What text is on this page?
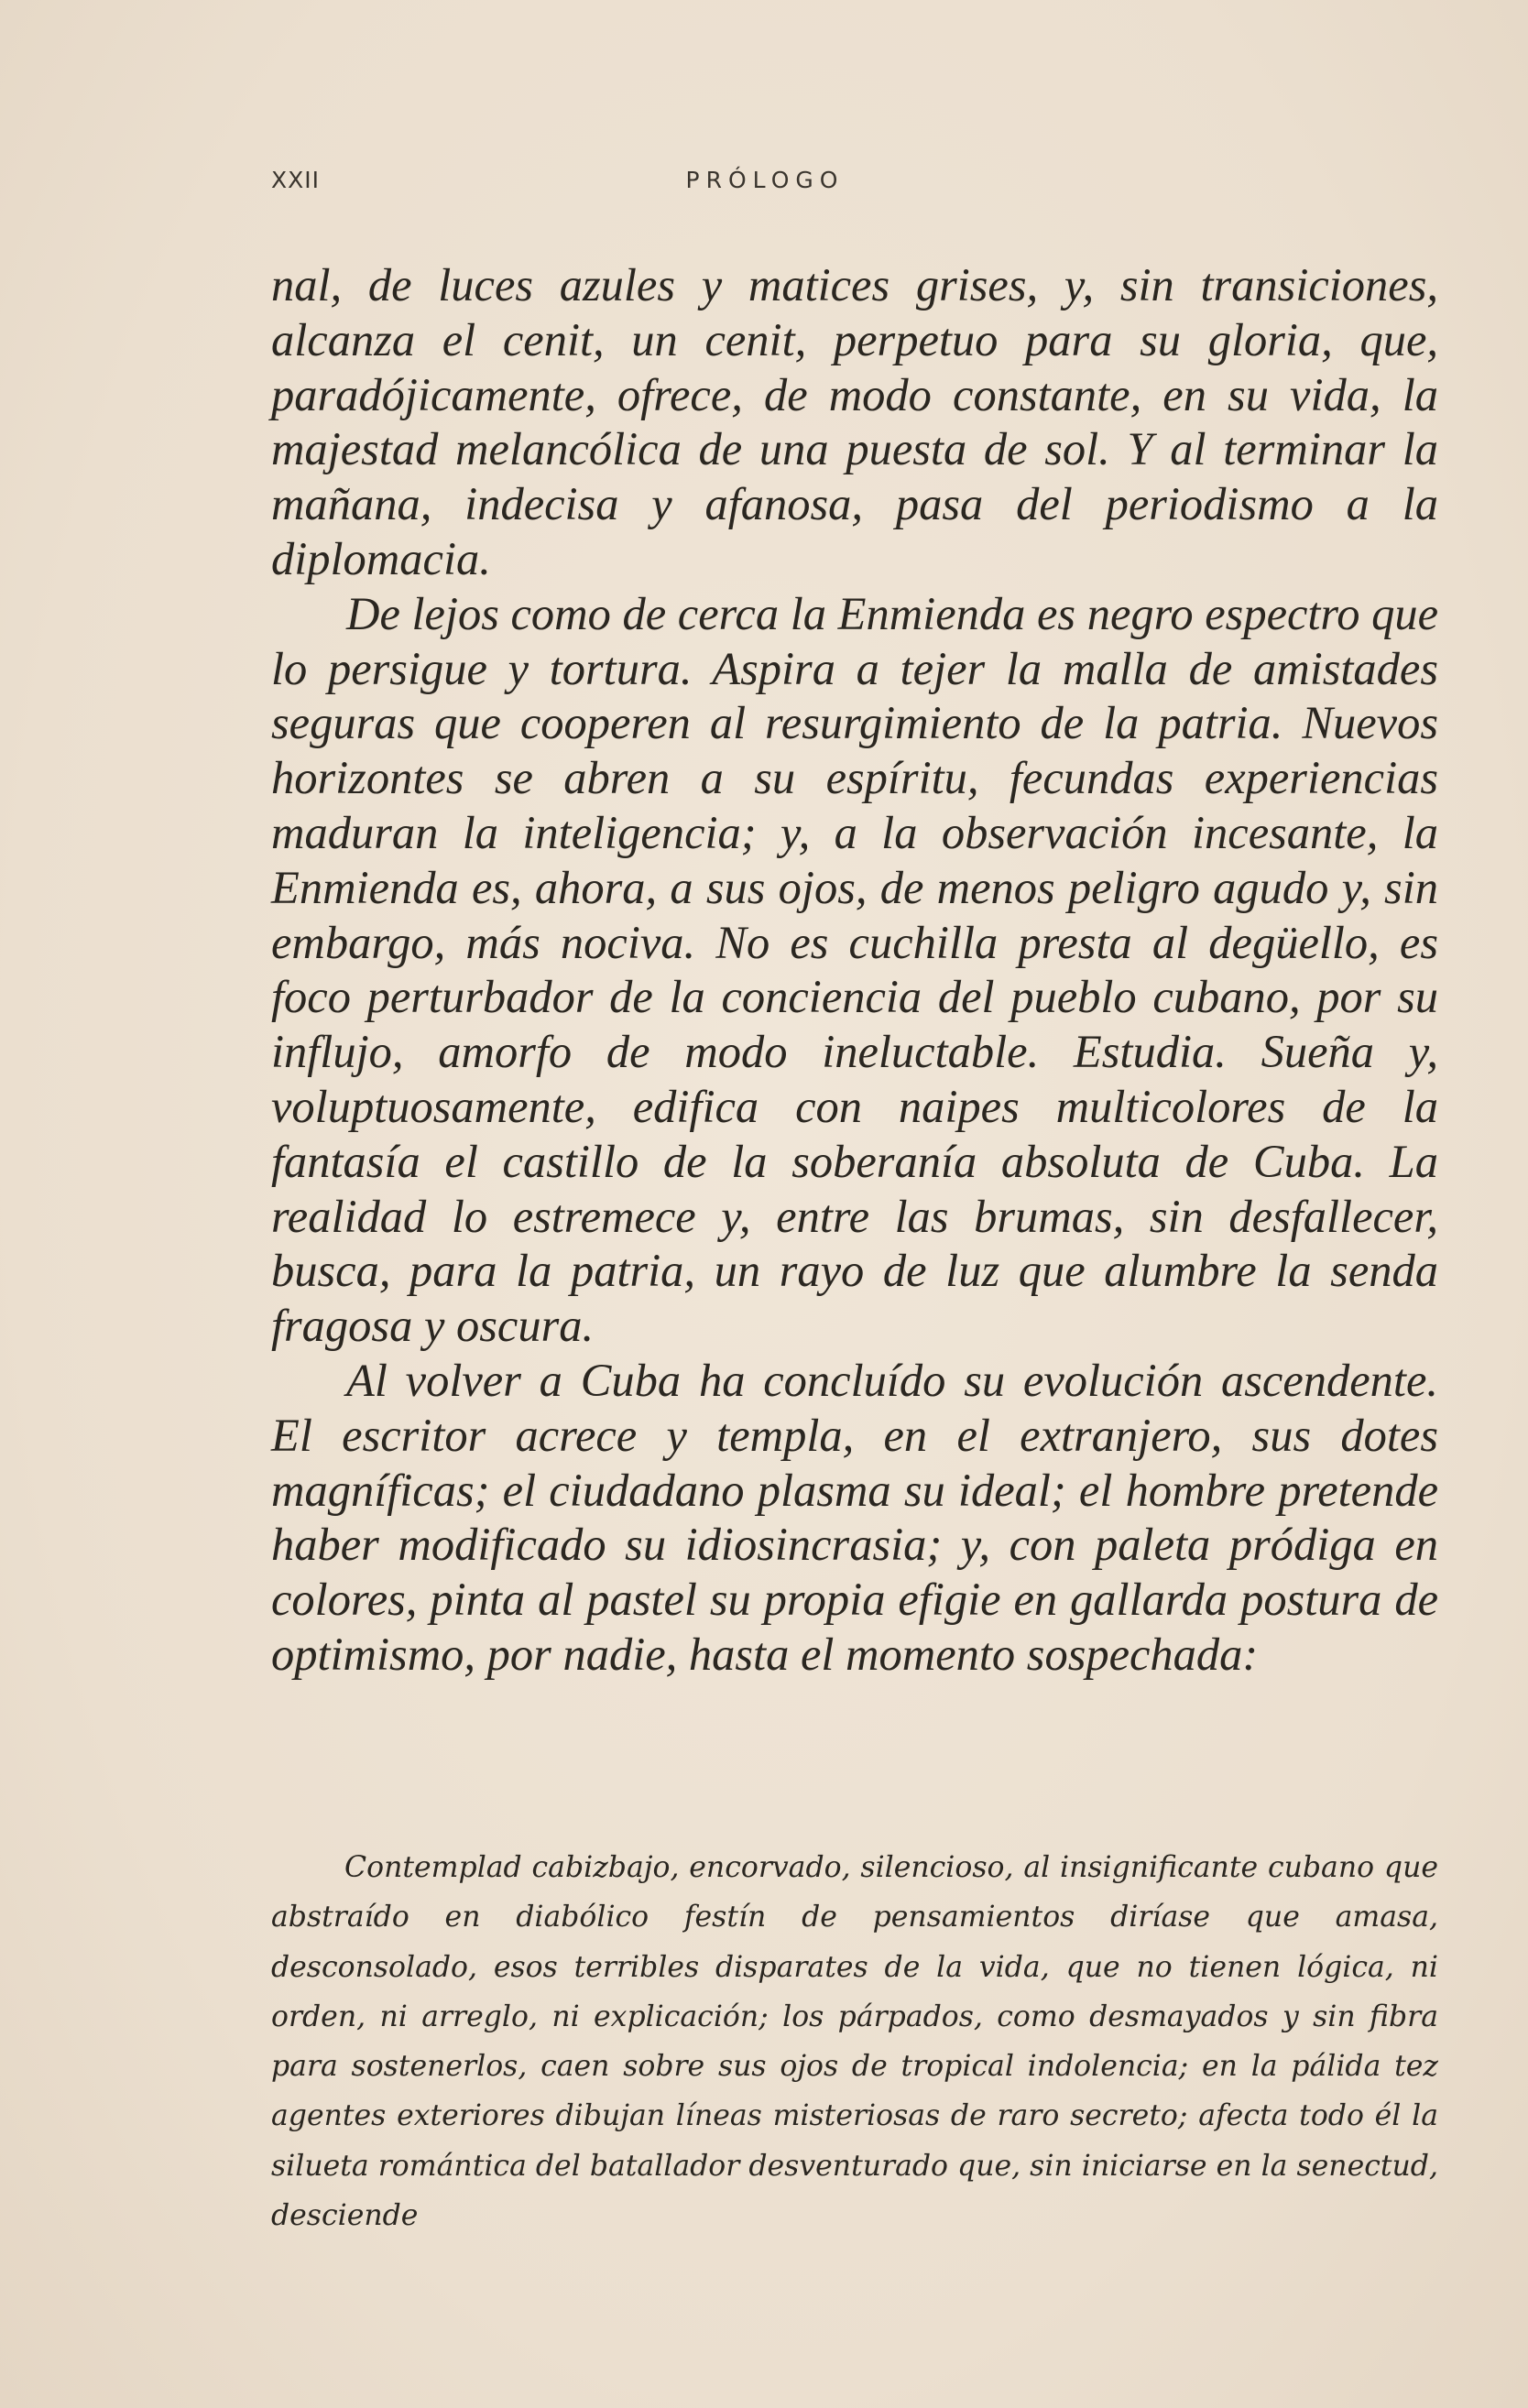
XXII	PRÓLOGO

nal, de luces azules y matices grises, y, sin transiciones, alcanza el cenit, un cenit, perpetuo para su gloria, que, paradójicamente, ofrece, de modo constante, en su vida, la majestad melancólica de una puesta de sol. Y al terminar la mañana, indecisa y afanosa, pasa del periodismo a la diplomacia.

De lejos como de cerca la Enmienda es negro espectro que lo persigue y tortura. Aspira a tejer la malla de amistades seguras que cooperen al resurgimiento de la patria. Nuevos horizontes se abren a su espíritu, fecundas experiencias maduran la inteligencia; y, a la observación incesante, la Enmienda es, ahora, a sus ojos, de menos peligro agudo y, sin embargo, más nociva. No es cuchilla presta al degüello, es foco perturbador de la conciencia del pueblo cubano, por su influjo, amorfo de modo ineluctable. Estudia. Sueña y, voluptuosamente, edifica con naipes multicolores de la fantasía el castillo de la soberanía absoluta de Cuba. La realidad lo estremece y, entre las brumas, sin desfallecer, busca, para la patria, un rayo de luz que alumbre la senda fragosa y oscura.

Al volver a Cuba ha concluído su evolución ascendente. El escritor acrece y templa, en el extranjero, sus dotes magníficas; el ciudadano plasma su ideal; el hombre pretende haber modificado su idiosincrasia; y, con paleta pródiga en colores, pinta al pastel su propia efigie en gallarda postura de optimismo, por nadie, hasta el momento sospechada:

Contemplad cabizbajo, encorvado, silencioso, al insignificante cubano que abstraído en diabólico festín de pensamientos diríase que amasa, desconsolado, esos terribles disparates de la vida, que no tienen lógica, ni orden, ni arreglo, ni explicación; los párpados, como desmayados y sin fibra para sostenerlos, caen sobre sus ojos de tropical indolencia; en la pálida tez agentes exteriores dibujan líneas misteriosas de raro secreto; afecta todo él la silueta romántica del batallador desventurado que, sin iniciarse en la senectud, desciende
